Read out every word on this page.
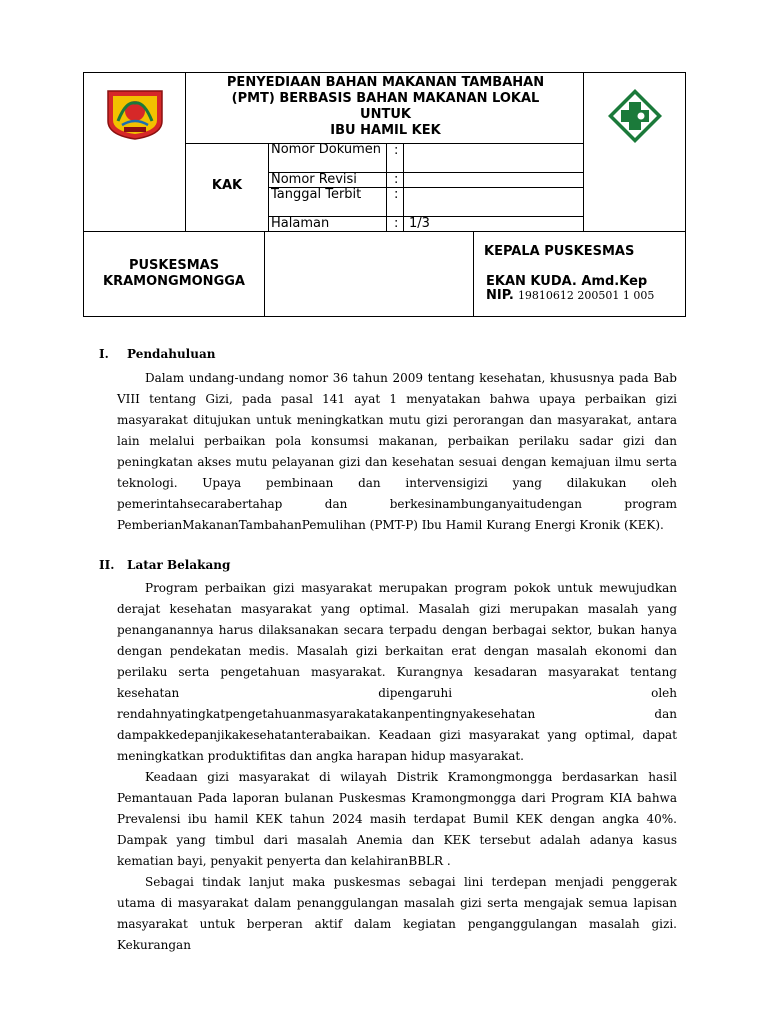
PENYEDIAAN BAHAN MAKANAN TAMBAHAN
(PMT) BERBASIS BAHAN MAKANAN LOKAL
UNTUK
IBU HAMIL KEK
KAK
Nomor Dokumen :
Nomor Revisi	:
Tanggal Terbit	:
Halaman	: 1/3
PUSKESMAS
KRAMONGMONGGA
KEPALA PUSKESMAS
EKAN KUDA. Amd.Kep
NIP. 19810612 200501 1 005
I. Pendahuluan

Dalam undang-undang nomor 36 tahun 2009 tentang kesehatan, khususnya pada Bab VIII tentang Gizi, pada pasal 141 ayat 1 menyatakan bahwa upaya perbaikan gizi masyarakat ditujukan untuk meningkatkan mutu gizi perorangan dan masyarakat, antara lain melalui perbaikan pola konsumsi makanan, perbaikan perilaku sadar gizi dan peningkatan akses mutu pelayanan gizi dan kesehatan sesuai dengan kemajuan ilmu serta teknologi. Upaya pembinaan dan intervensigizi yang dilakukan oleh pemerintahsecarabertahap dan berkesinambunganyaitudengan program PemberianMakananTambahanPemulihan (PMT-P) Ibu Hamil Kurang Energi Kronik (KEK).

II. Latar Belakang

Program perbaikan gizi masyarakat merupakan program pokok untuk mewujudkan derajat kesehatan masyarakat yang optimal. Masalah gizi merupakan masalah yang penanganannya harus dilaksanakan secara terpadu dengan berbagai sektor, bukan hanya dengan pendekatan medis. Masalah gizi berkaitan erat dengan masalah ekonomi dan perilaku serta pengetahuan masyarakat. Kurangnya kesadaran masyarakat tentang kesehatan dipengaruhi oleh rendahnyatingkatpengetahuanmasyarakatakanpentingnyakesehatan dan dampakkedepanjikakesehatanterabaikan. Keadaan gizi masyarakat yang optimal, dapat meningkatkan produktifitas dan angka harapan hidup masyarakat.

Keadaan gizi masyarakat di wilayah Distrik Kramongmongga berdasarkan hasil Pemantauan Pada laporan bulanan Puskesmas Kramongmongga dari Program KIA bahwa Prevalensi ibu hamil KEK tahun 2024 masih terdapat Bumil KEK dengan angka 40%. Dampak yang timbul dari masalah Anemia dan KEK tersebut adalah adanya kasus kematian bayi, penyakit penyerta dan kelahiranBBLR .

Sebagai tindak lanjut maka puskesmas sebagai lini terdepan menjadi penggerak utama di masyarakat dalam penanggulangan masalah gizi serta mengajak semua lapisan masyarakat untuk berperan aktif dalam kegiatan penganggulangan masalah gizi. Kekurangan
